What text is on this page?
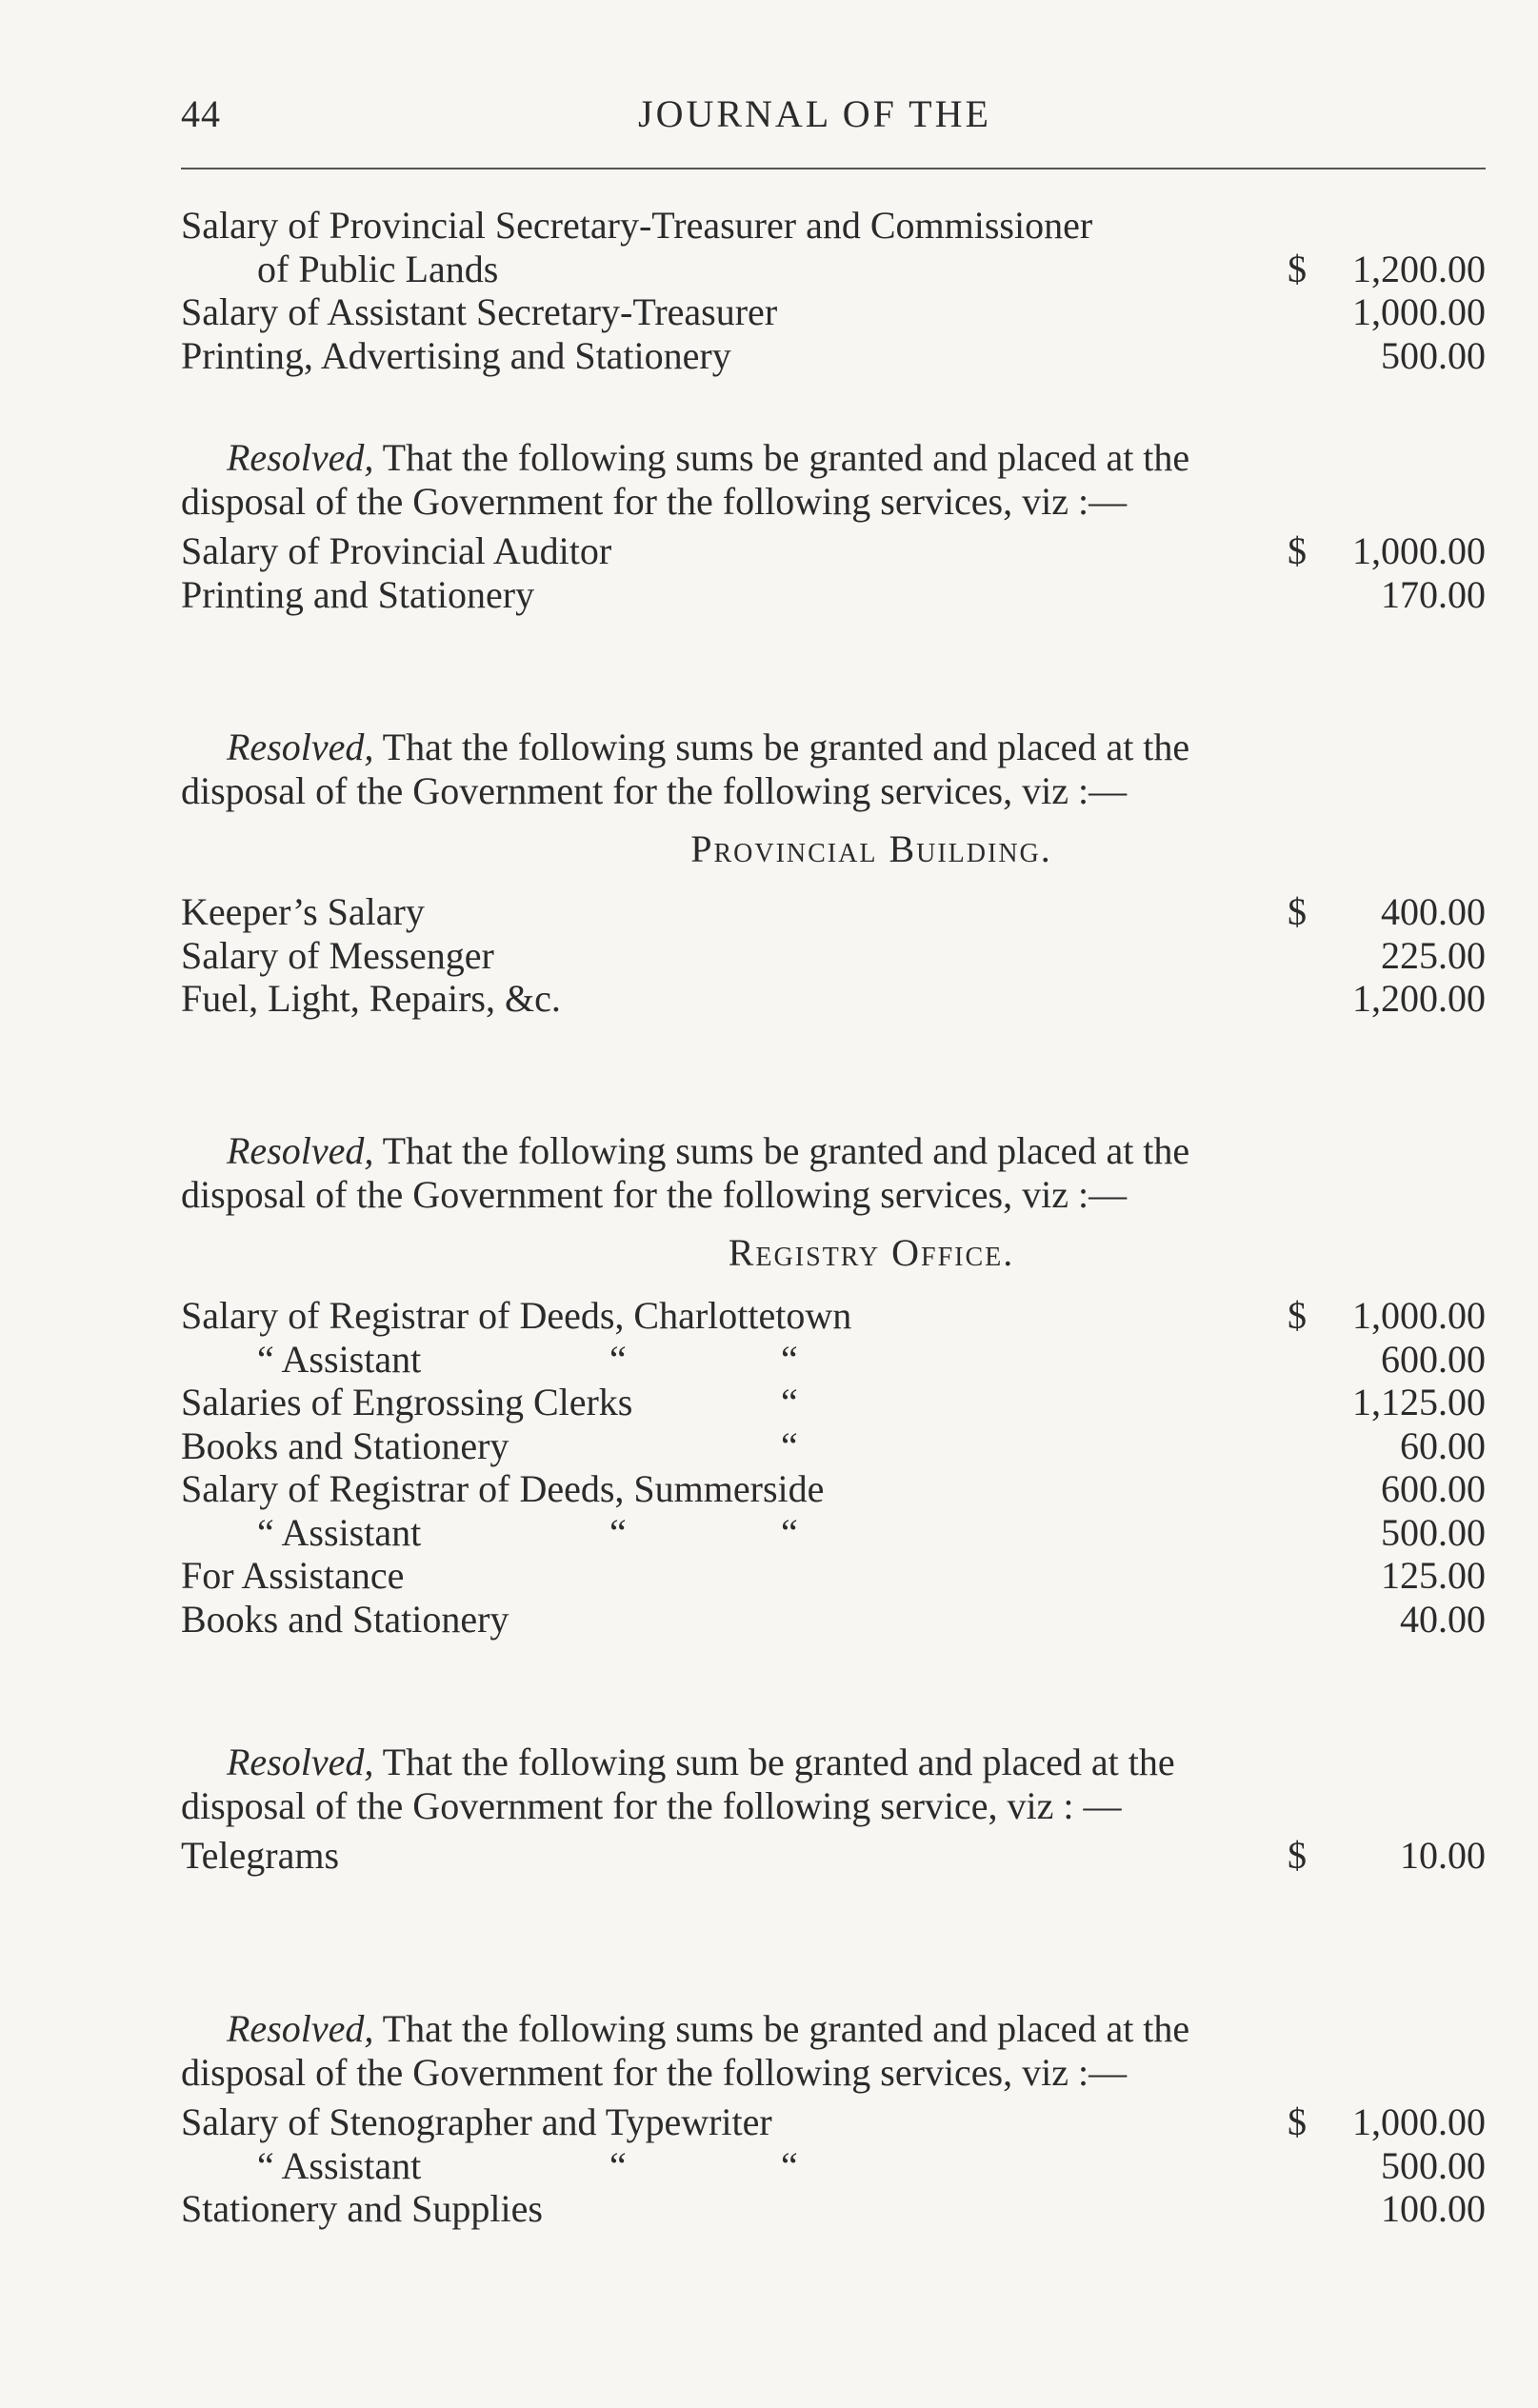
44	JOURNAL OF THE
Salary of Provincial Secretary-Treasurer and Commissioner
of Public Lands	$ 1,200.00
Salary of Assistant Secretary-Treasurer	1,000.00
Printing, Advertising and Stationery	500.00

Resolved, That the following sums be granted and placed at the disposal of the Government for the following services, viz :—

Salary of Provincial Auditor	$ 1,000.00
Printing and Stationery	170.00

Resolved, That the following sums be granted and placed at the disposal of the Government for the following services, viz :—

Provincial Building.
Keeper’s Salary	$ 400.00
Salary of Messenger	225.00
Fuel, Light, Repairs, &c.	1,200.00

Resolved, That the following sums be granted and placed at the disposal of the Government for the following services, viz :—

Registry Office.
Salary of Registrar of Deeds, Charlottetown	$ 1,000.00
“ Assistant	“	“	600.00
Salaries of Engrossing Clerks	“	1,125.00
Books and Stationery	“	60.00
Salary of Registrar of Deeds, Summerside	600.00
“ Assistant	“	“	500.00
For Assistance	125.00
Books and Stationery	40.00

Resolved, That the following sum be granted and placed at the disposal of the Government for the following service, viz : —

Telegrams	$ 10.00

Resolved, That the following sums be granted and placed at the disposal of the Government for the following services, viz :—

Salary of Stenographer and Typewriter	$ 1,000.00
“ Assistant	“	“	500.00
Stationery and Supplies	100.00
